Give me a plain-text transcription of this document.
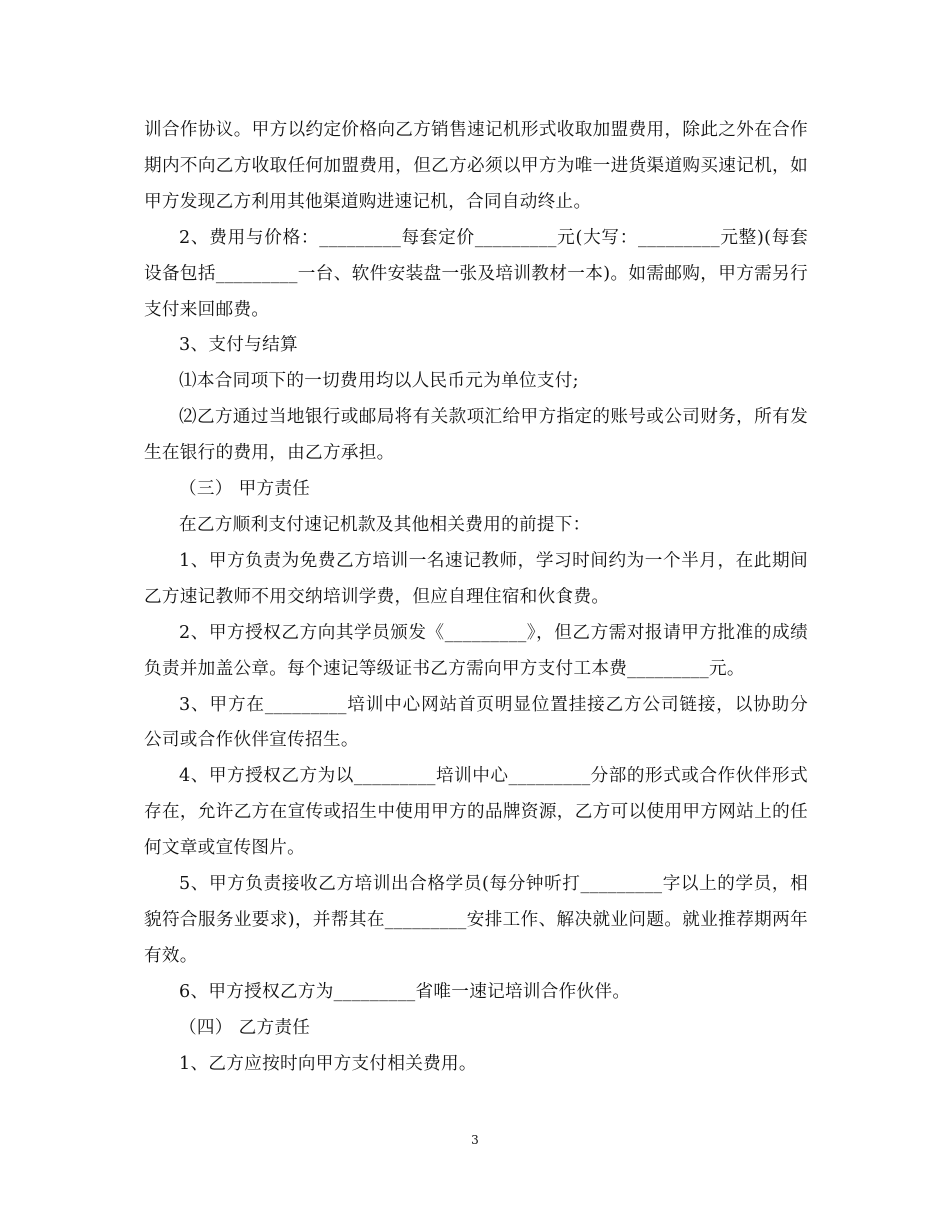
训合作协议。甲方以约定价格向乙方销售速记机形式收取加盟费用，除此之外在合作期内不向乙方收取任何加盟费用，但乙方必须以甲方为唯一进货渠道购买速记机，如甲方发现乙方利用其他渠道购进速记机，合同自动终止。

2、费用与价格：_________每套定价_________元(大写：_________元整)(每套设备包括_________一台、软件安装盘一张及培训教材一本)。如需邮购，甲方需另行支付来回邮费。

3、支付与结算

⑴本合同项下的一切费用均以人民币元为单位支付;

⑵乙方通过当地银行或邮局将有关款项汇给甲方指定的账号或公司财务，所有发生在银行的费用，由乙方承担。

（三） 甲方责任

在乙方顺利支付速记机款及其他相关费用的前提下：

1、甲方负责为免费乙方培训一名速记教师，学习时间约为一个半月，在此期间乙方速记教师不用交纳培训学费，但应自理住宿和伙食费。

2、甲方授权乙方向其学员颁发《_________》，但乙方需对报请甲方批准的成绩负责并加盖公章。每个速记等级证书乙方需向甲方支付工本费_________元。

3、甲方在_________培训中心网站首页明显位置挂接乙方公司链接，以协助分公司或合作伙伴宣传招生。

4、甲方授权乙方为以_________培训中心_________分部的形式或合作伙伴形式存在，允许乙方在宣传或招生中使用甲方的品牌资源，乙方可以使用甲方网站上的任何文章或宣传图片。

5、甲方负责接收乙方培训出合格学员(每分钟听打_________字以上的学员，相貌符合服务业要求)，并帮其在_________安排工作、解决就业问题。就业推荐期两年有效。

6、甲方授权乙方为_________省唯一速记培训合作伙伴。

（四） 乙方责任

1、乙方应按时向甲方支付相关费用。

3
